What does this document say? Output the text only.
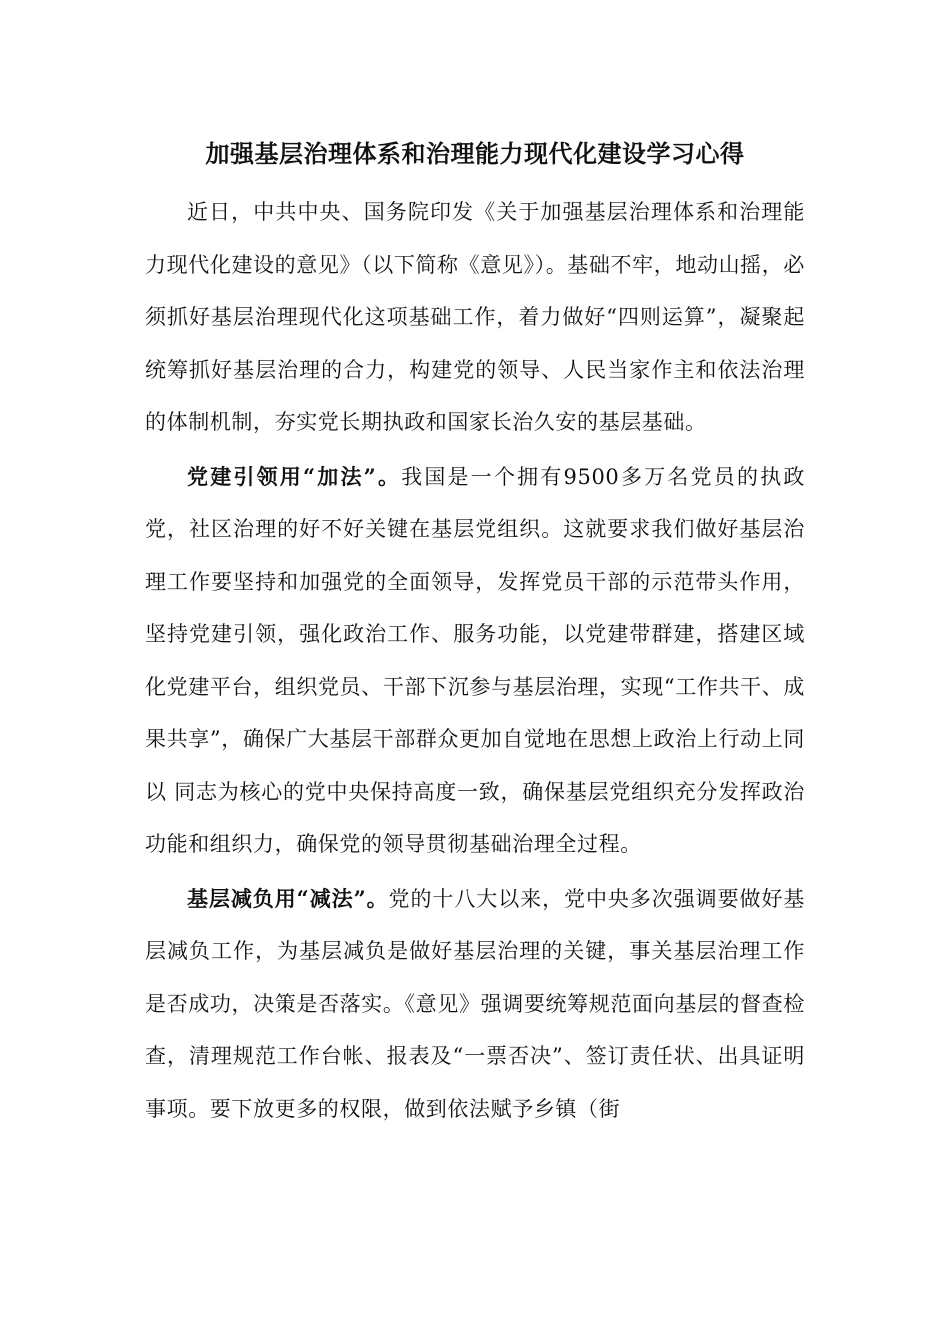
加强基层治理体系和治理能力现代化建设学习心得

近日，中共中央、国务院印发《关于加强基层治理体系和治理能力现代化建设的意见》（以下简称《意见》）。基础不牢，地动山摇，必须抓好基层治理现代化这项基础工作，着力做好“四则运算”，凝聚起统筹抓好基层治理的合力，构建党的领导、人民当家作主和依法治理的体制机制，夯实党长期执政和国家长治久安的基层基础。

党建引领用“加法”。我国是一个拥有9500多万名党员的执政党，社区治理的好不好关键在基层党组织。这就要求我们做好基层治理工作要坚持和加强党的全面领导，发挥党员干部的示范带头作用，坚持党建引领，强化政治工作、服务功能，以党建带群建，搭建区域化党建平台，组织党员、干部下沉参与基层治理，实现“工作共干、成果共享”，确保广大基层干部群众更加自觉地在思想上政治上行动上同以 同志为核心的党中央保持高度一致，确保基层党组织充分发挥政治功能和组织力，确保党的领导贯彻基础治理全过程。

基层减负用“减法”。党的十八大以来，党中央多次强调要做好基层减负工作，为基层减负是做好基层治理的关键，事关基层治理工作是否成功，决策是否落实。《意见》强调要统筹规范面向基层的督查检查，清理规范工作台帐、报表及“一票否决”、签订责任状、出具证明事项。要下放更多的权限，做到依法赋予乡镇（街
